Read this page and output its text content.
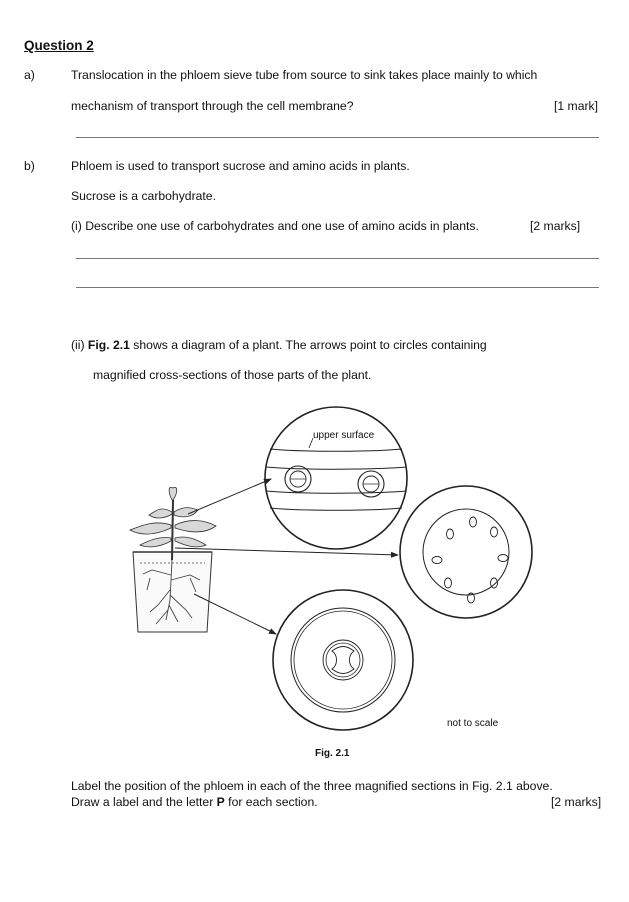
Question 2
a)	Translocation in the phloem sieve tube from source to sink takes place mainly to which
mechanism of transport through the cell membrane?	[1 mark]
b)	Phloem is used to transport sucrose and amino acids in plants.
Sucrose is a carbohydrate.
(i) Describe one use of carbohydrates and one use of amino acids in plants.	[2 marks]
(ii) Fig. 2.1 shows a diagram of a plant. The arrows point to circles containing
magnified cross-sections of those parts of the plant.
upper surface
not to scale
Fig. 2.1
Label the position of the phloem in each of the three magnified sections in Fig. 2.1 above.
Draw a label and the letter P for each section.	[2 marks]
